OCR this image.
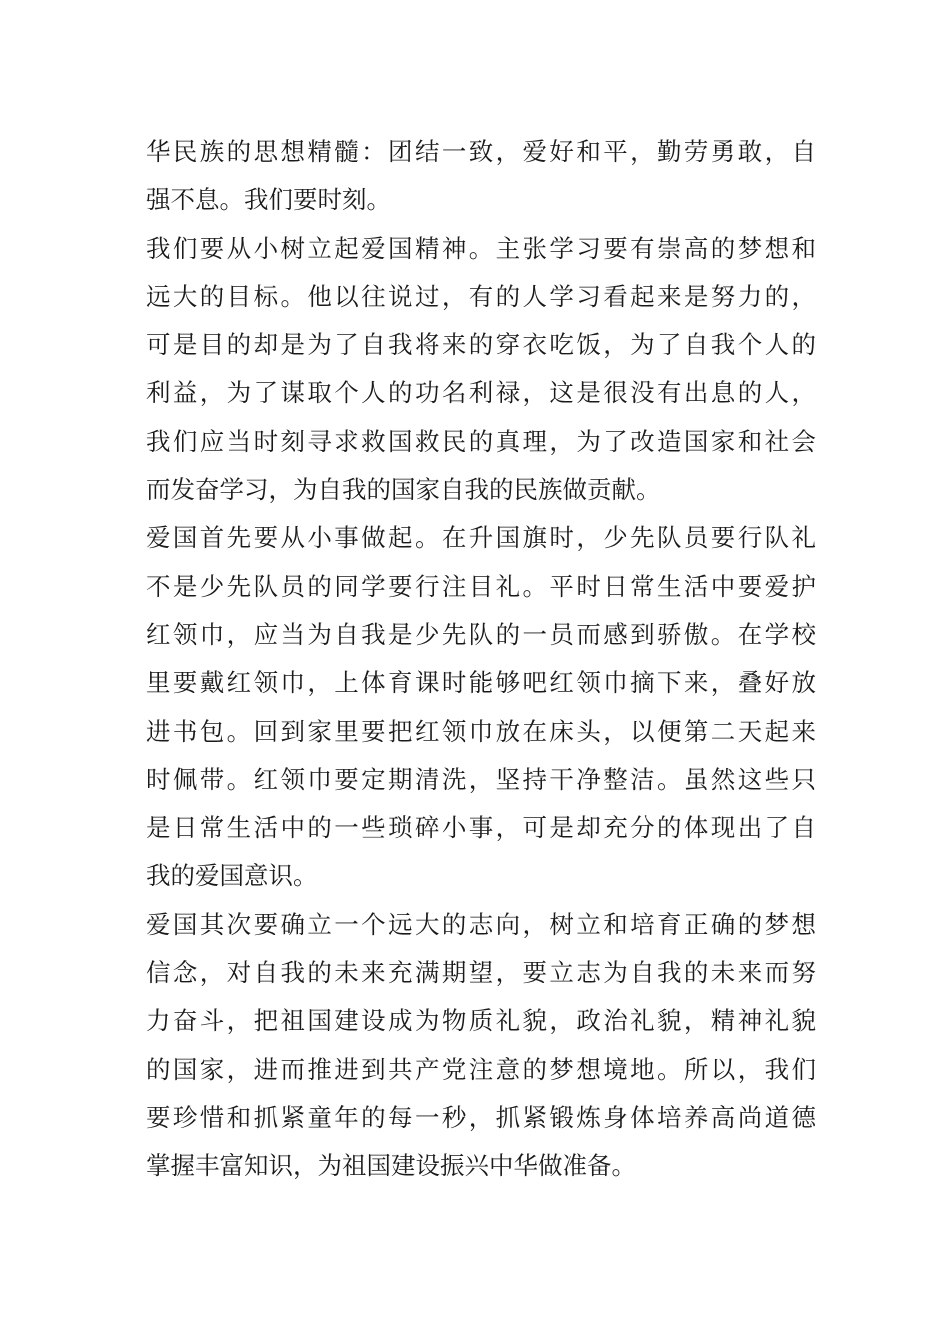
华民族的思想精髓：团结一致，爱好和平，勤劳勇敢，自
强不息。我们要时刻。
我们要从小树立起爱国精神。主张学习要有崇高的梦想和
远大的目标。他以往说过，有的人学习看起来是努力的，
可是目的却是为了自我将来的穿衣吃饭，为了自我个人的
利益，为了谋取个人的功名利禄，这是很没有出息的人，
我们应当时刻寻求救国救民的真理，为了改造国家和社会
而发奋学习，为自我的国家自我的民族做贡献。
爱国首先要从小事做起。在升国旗时，少先队员要行队礼
不是少先队员的同学要行注目礼。平时日常生活中要爱护
红领巾，应当为自我是少先队的一员而感到骄傲。在学校
里要戴红领巾，上体育课时能够吧红领巾摘下来，叠好放
进书包。回到家里要把红领巾放在床头，以便第二天起来
时佩带。红领巾要定期清洗，坚持干净整洁。虽然这些只
是日常生活中的一些琐碎小事，可是却充分的体现出了自
我的爱国意识。
爱国其次要确立一个远大的志向，树立和培育正确的梦想
信念，对自我的未来充满期望，要立志为自我的未来而努
力奋斗，把祖国建设成为物质礼貌，政治礼貌，精神礼貌
的国家，进而推进到共产党注意的梦想境地。所以，我们
要珍惜和抓紧童年的每一秒，抓紧锻炼身体培养高尚道德
掌握丰富知识，为祖国建设振兴中华做准备。
